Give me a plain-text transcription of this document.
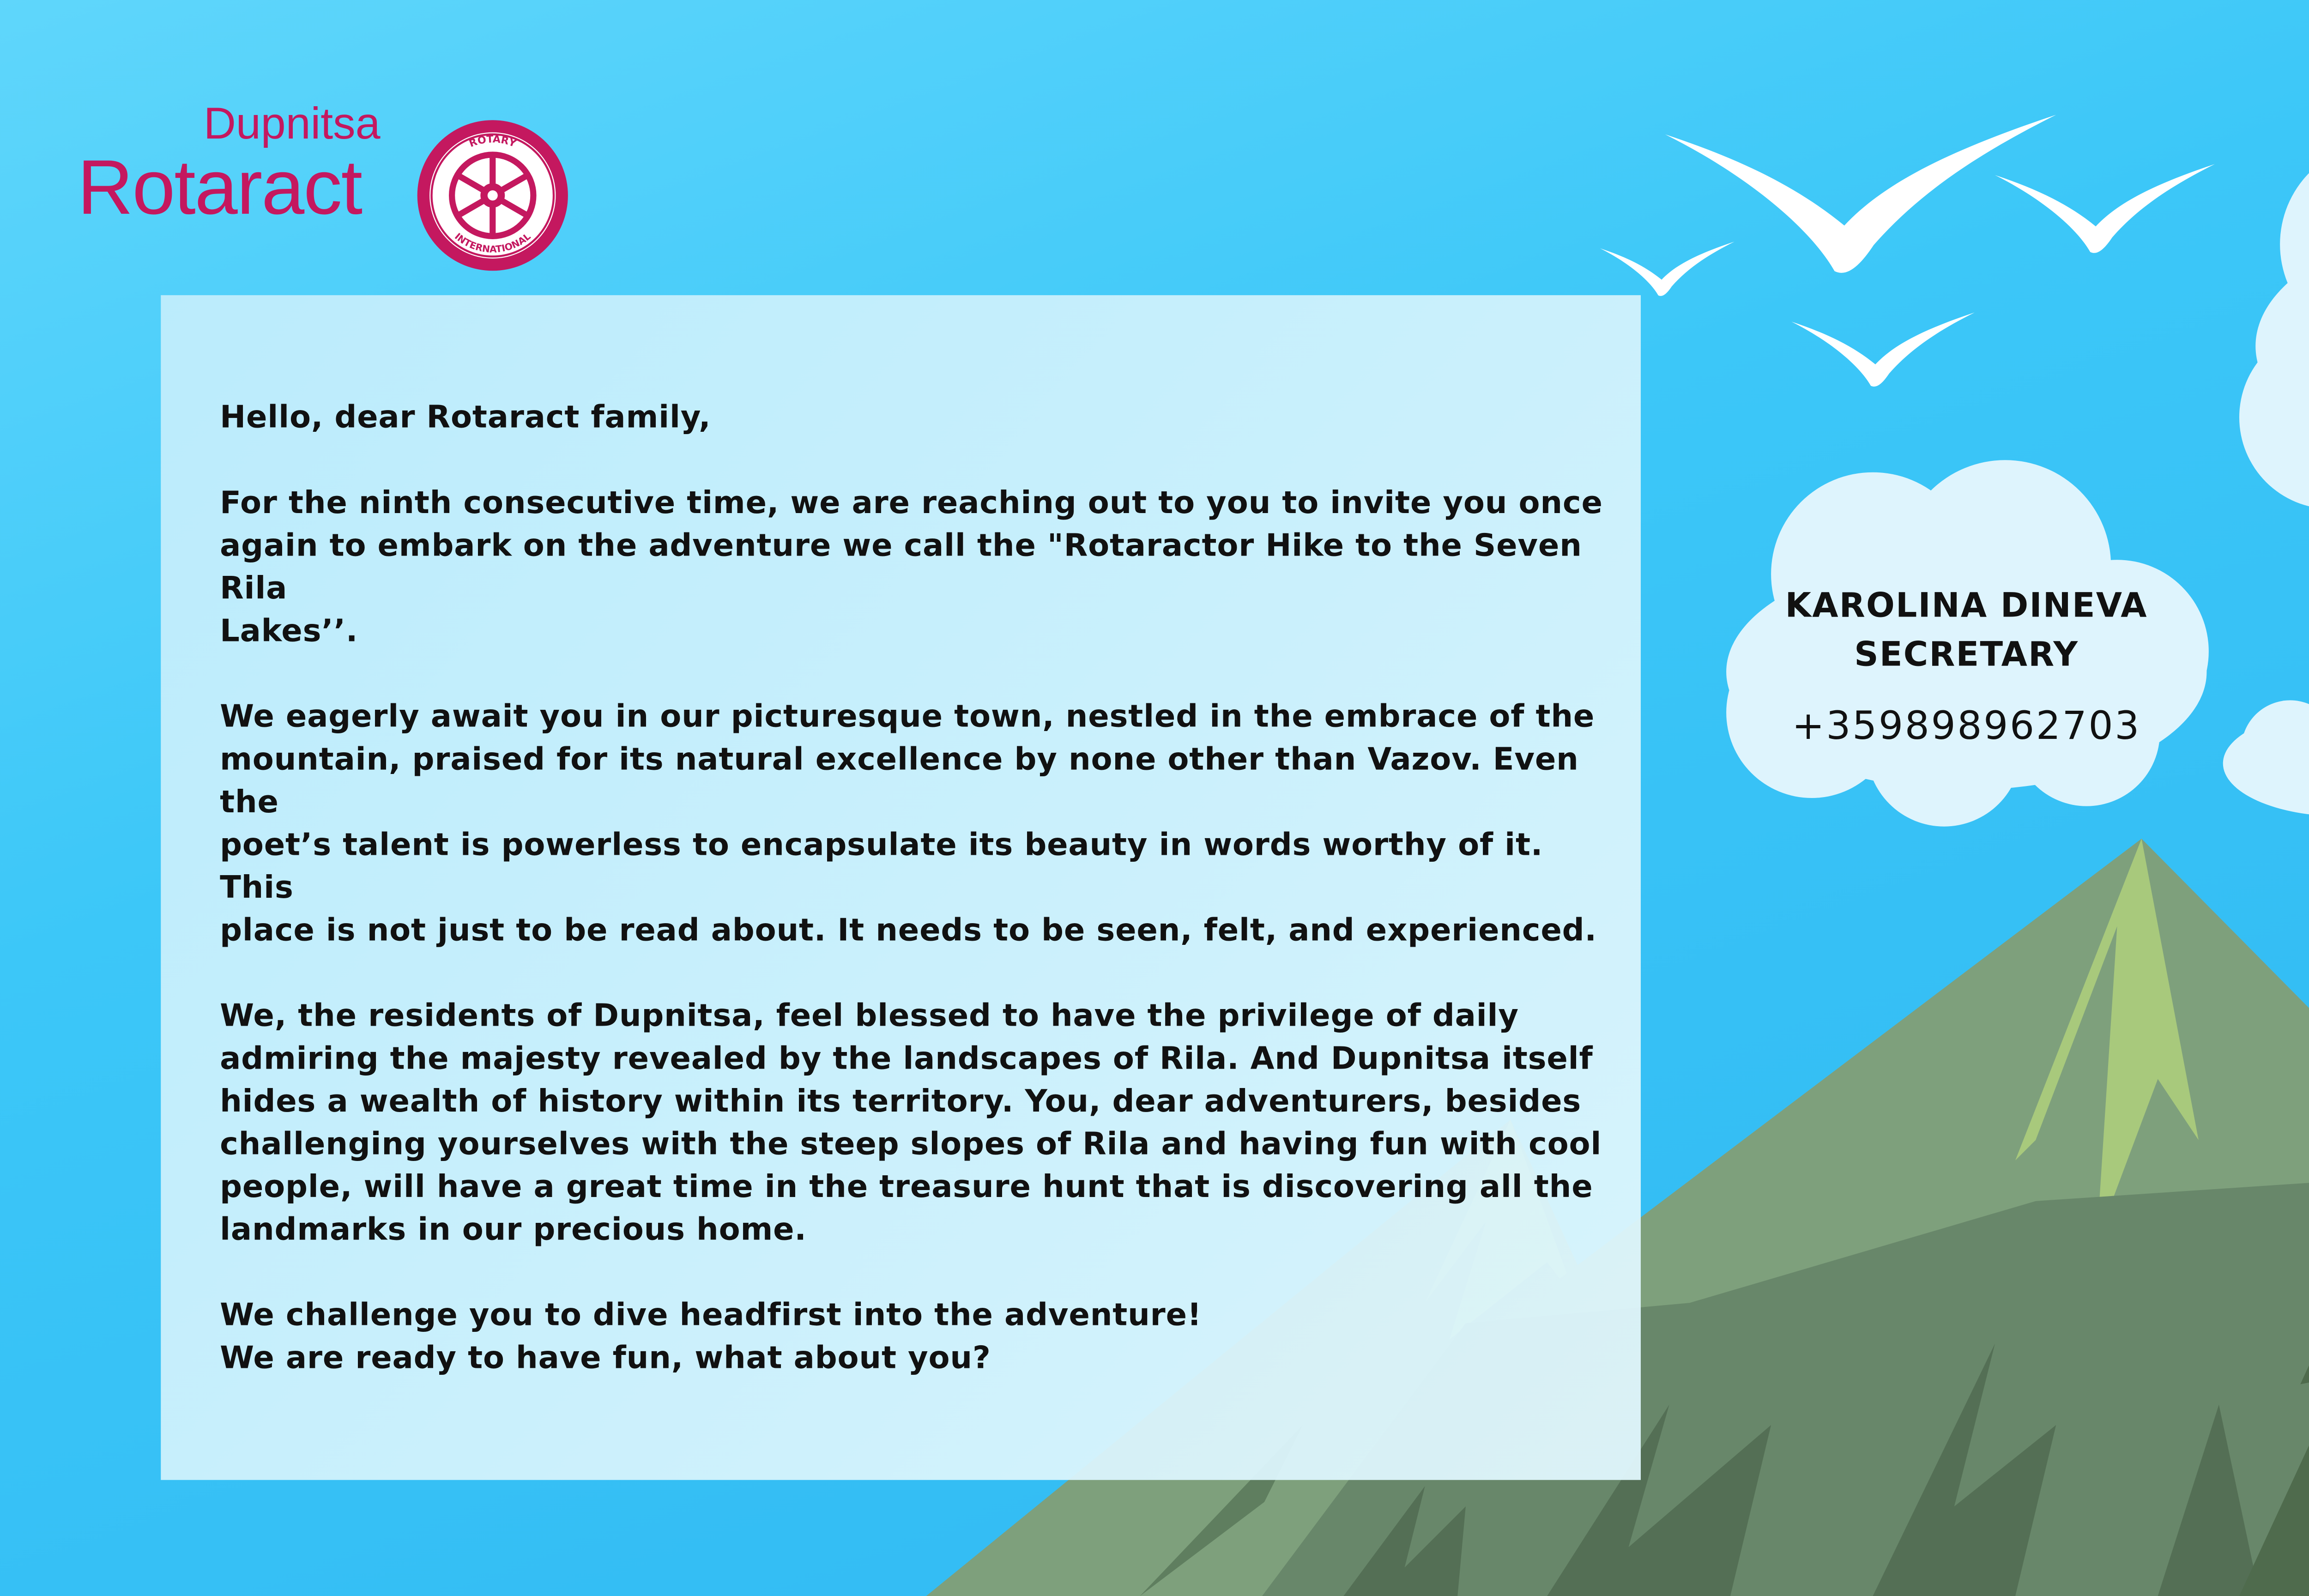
Dupnitsa
Rotaract
ROTARY
INTERNATIONAL

Hello, dear Rotaract family,

For the ninth consecutive time, we are reaching out to you to invite you once
again to embark on the adventure we call the "Rotaractor Hike to the Seven Rila
Lakes’’.

We eagerly await you in our picturesque town, nestled in the embrace of the
mountain, praised for its natural excellence by none other than Vazov. Even the
poet’s talent is powerless to encapsulate its beauty in words worthy of it. This
place is not just to be read about. It needs to be seen, felt, and experienced.

We, the residents of Dupnitsa, feel blessed to have the privilege of daily
admiring the majesty revealed by the landscapes of Rila. And Dupnitsa itself
hides a wealth of history within its territory. You, dear adventurers, besides
challenging yourselves with the steep slopes of Rila and having fun with cool
people, will have a great time in the treasure hunt that is discovering all the
landmarks in our precious home.

We challenge you to dive headfirst into the adventure!
We are ready to have fun, what about you?

KAROLINA DINEVA
SECRETARY
+359898962703
